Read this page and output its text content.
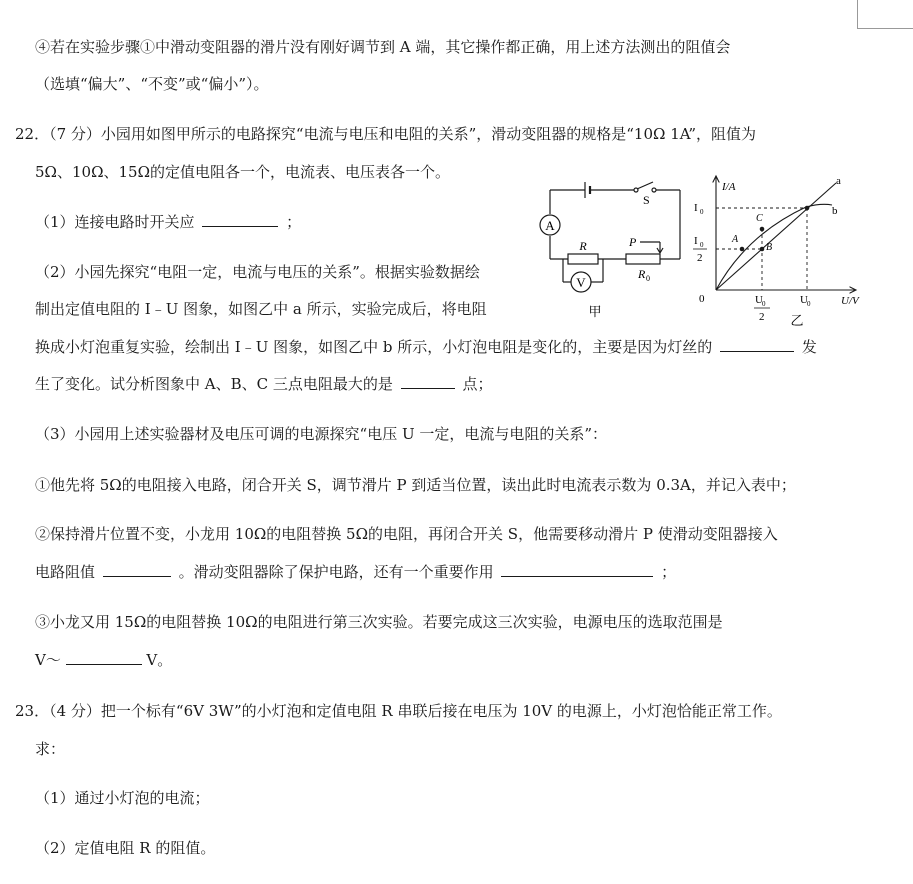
④若在实验步骤①中滑动变阻器的滑片没有刚好调节到 A 端，其它操作都正确，用上述方法测出的阻值会
（选填“偏大”、“不变”或“偏小”）。
22．（7 分）小园用如图甲所示的电路探究“电流与电压和电阻的关系”，滑动变阻器的规格是“10Ω 1A”，阻值为
5Ω、10Ω、15Ω的定值电阻各一个，电流表、电压表各一个。
（1）连接电路时开关应	；
（2）小园先探究“电阻一定，电流与电压的关系”。根据实验数据绘
制出定值电阻的 I﹣U 图象，如图乙中 a 所示，实验完成后，将电阻
换成小灯泡重复实验，绘制出 I﹣U 图象，如图乙中 b 所示，小灯泡电阻是变化的，主要是因为灯丝的	发
生了变化。试分析图象中 A、B、C 三点电阻最大的是	点；
（3）小园用上述实验器材及电压可调的电源探究“电压 U 一定，电流与电阻的关系”：
①他先将 5Ω的电阻接入电路，闭合开关 S，调节滑片 P 到适当位置，读出此时电流表示数为 0.3A，并记入表中；
②保持滑片位置不变，小龙用 10Ω的电阻替换 5Ω的电阻，再闭合开关 S，他需要移动滑片 P 使滑动变阻器接入
电路阻值	。滑动变阻器除了保护电路，还有一个重要作用	；
③小龙又用 15Ω的电阻替换 10Ω的电阻进行第三次实验。若要完成这三次实验，电源电压的选取范围是
V～	V。
23．（4 分）把一个标有“6V 3W”的小灯泡和定值电阻 R 串联后接在电压为 10V 的电源上，小灯泡恰能正常工作。
求：
（1）通过小灯泡的电流；
（2）定值电阻 R 的阻值。
A
V
R
R 0
S
P
甲
I/A
U/V
0
I 0
I 0
2
U 0
2
U 0
a
b
A
B
C
乙
